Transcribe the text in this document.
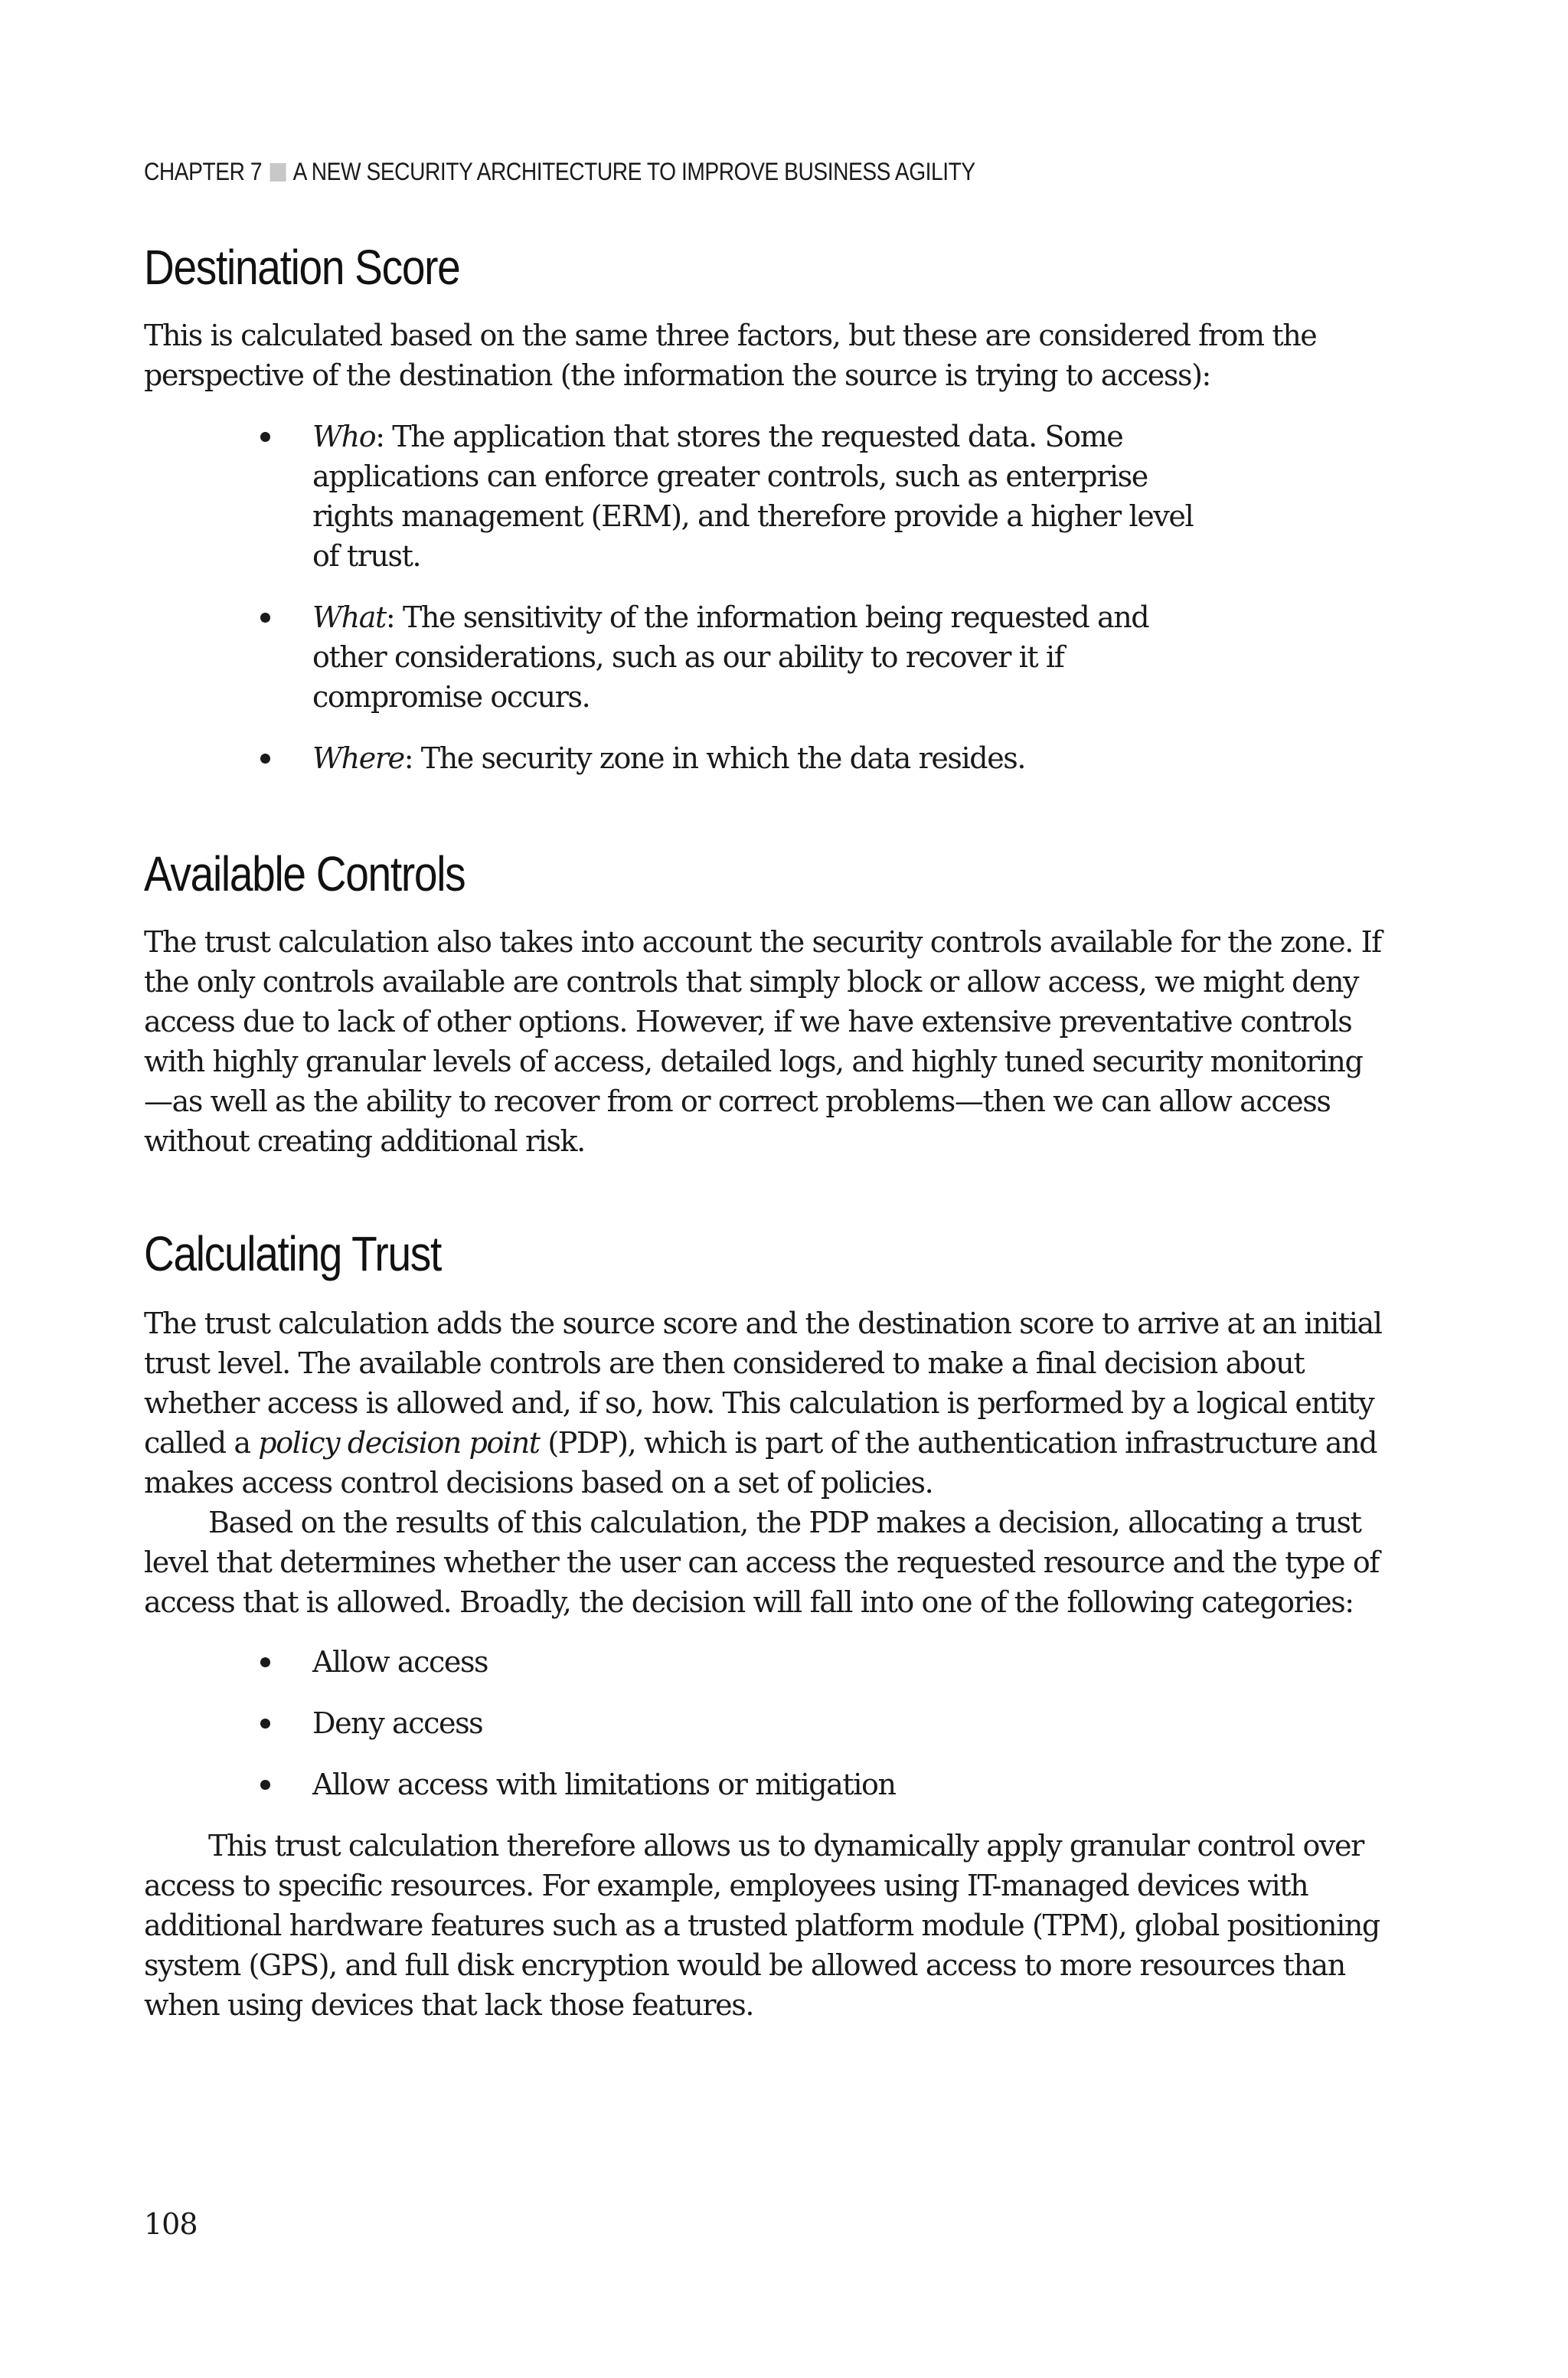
CHAPTER 7 A NEW SECURITY ARCHITECTURE TO IMPROVE BUSINESS AGILITY
Destination Score

This is calculated based on the same three factors, but these are considered from the perspective of the destination (the information the source is trying to access):

Who: The application that stores the requested data. Some applications can enforce greater controls, such as enterprise rights management (ERM), and therefore provide a higher level of trust.
What: The sensitivity of the information being requested and other considerations, such as our ability to recover it if compromise occurs.
Where: The security zone in which the data resides.
Available Controls

The trust calculation also takes into account the security controls available for the zone. If the only controls available are controls that simply block or allow access, we might deny access due to lack of other options. However, if we have extensive preventative controls with highly granular levels of access, detailed logs, and highly tuned security monitoring—as well as the ability to recover from or correct problems—then we can allow access without creating additional risk.

Calculating Trust

The trust calculation adds the source score and the destination score to arrive at an initial trust level. The available controls are then considered to make a final decision about whether access is allowed and, if so, how. This calculation is performed by a logical entity called a policy decision point (PDP), which is part of the authentication infrastructure and makes access control decisions based on a set of policies.

Based on the results of this calculation, the PDP makes a decision, allocating a trust level that determines whether the user can access the requested resource and the type of access that is allowed. Broadly, the decision will fall into one of the following categories:

Allow access
Deny access
Allow access with limitations or mitigation

This trust calculation therefore allows us to dynamically apply granular control over access to specific resources. For example, employees using IT-managed devices with additional hardware features such as a trusted platform module (TPM), global positioning system (GPS), and full disk encryption would be allowed access to more resources than when using devices that lack those features.

108
